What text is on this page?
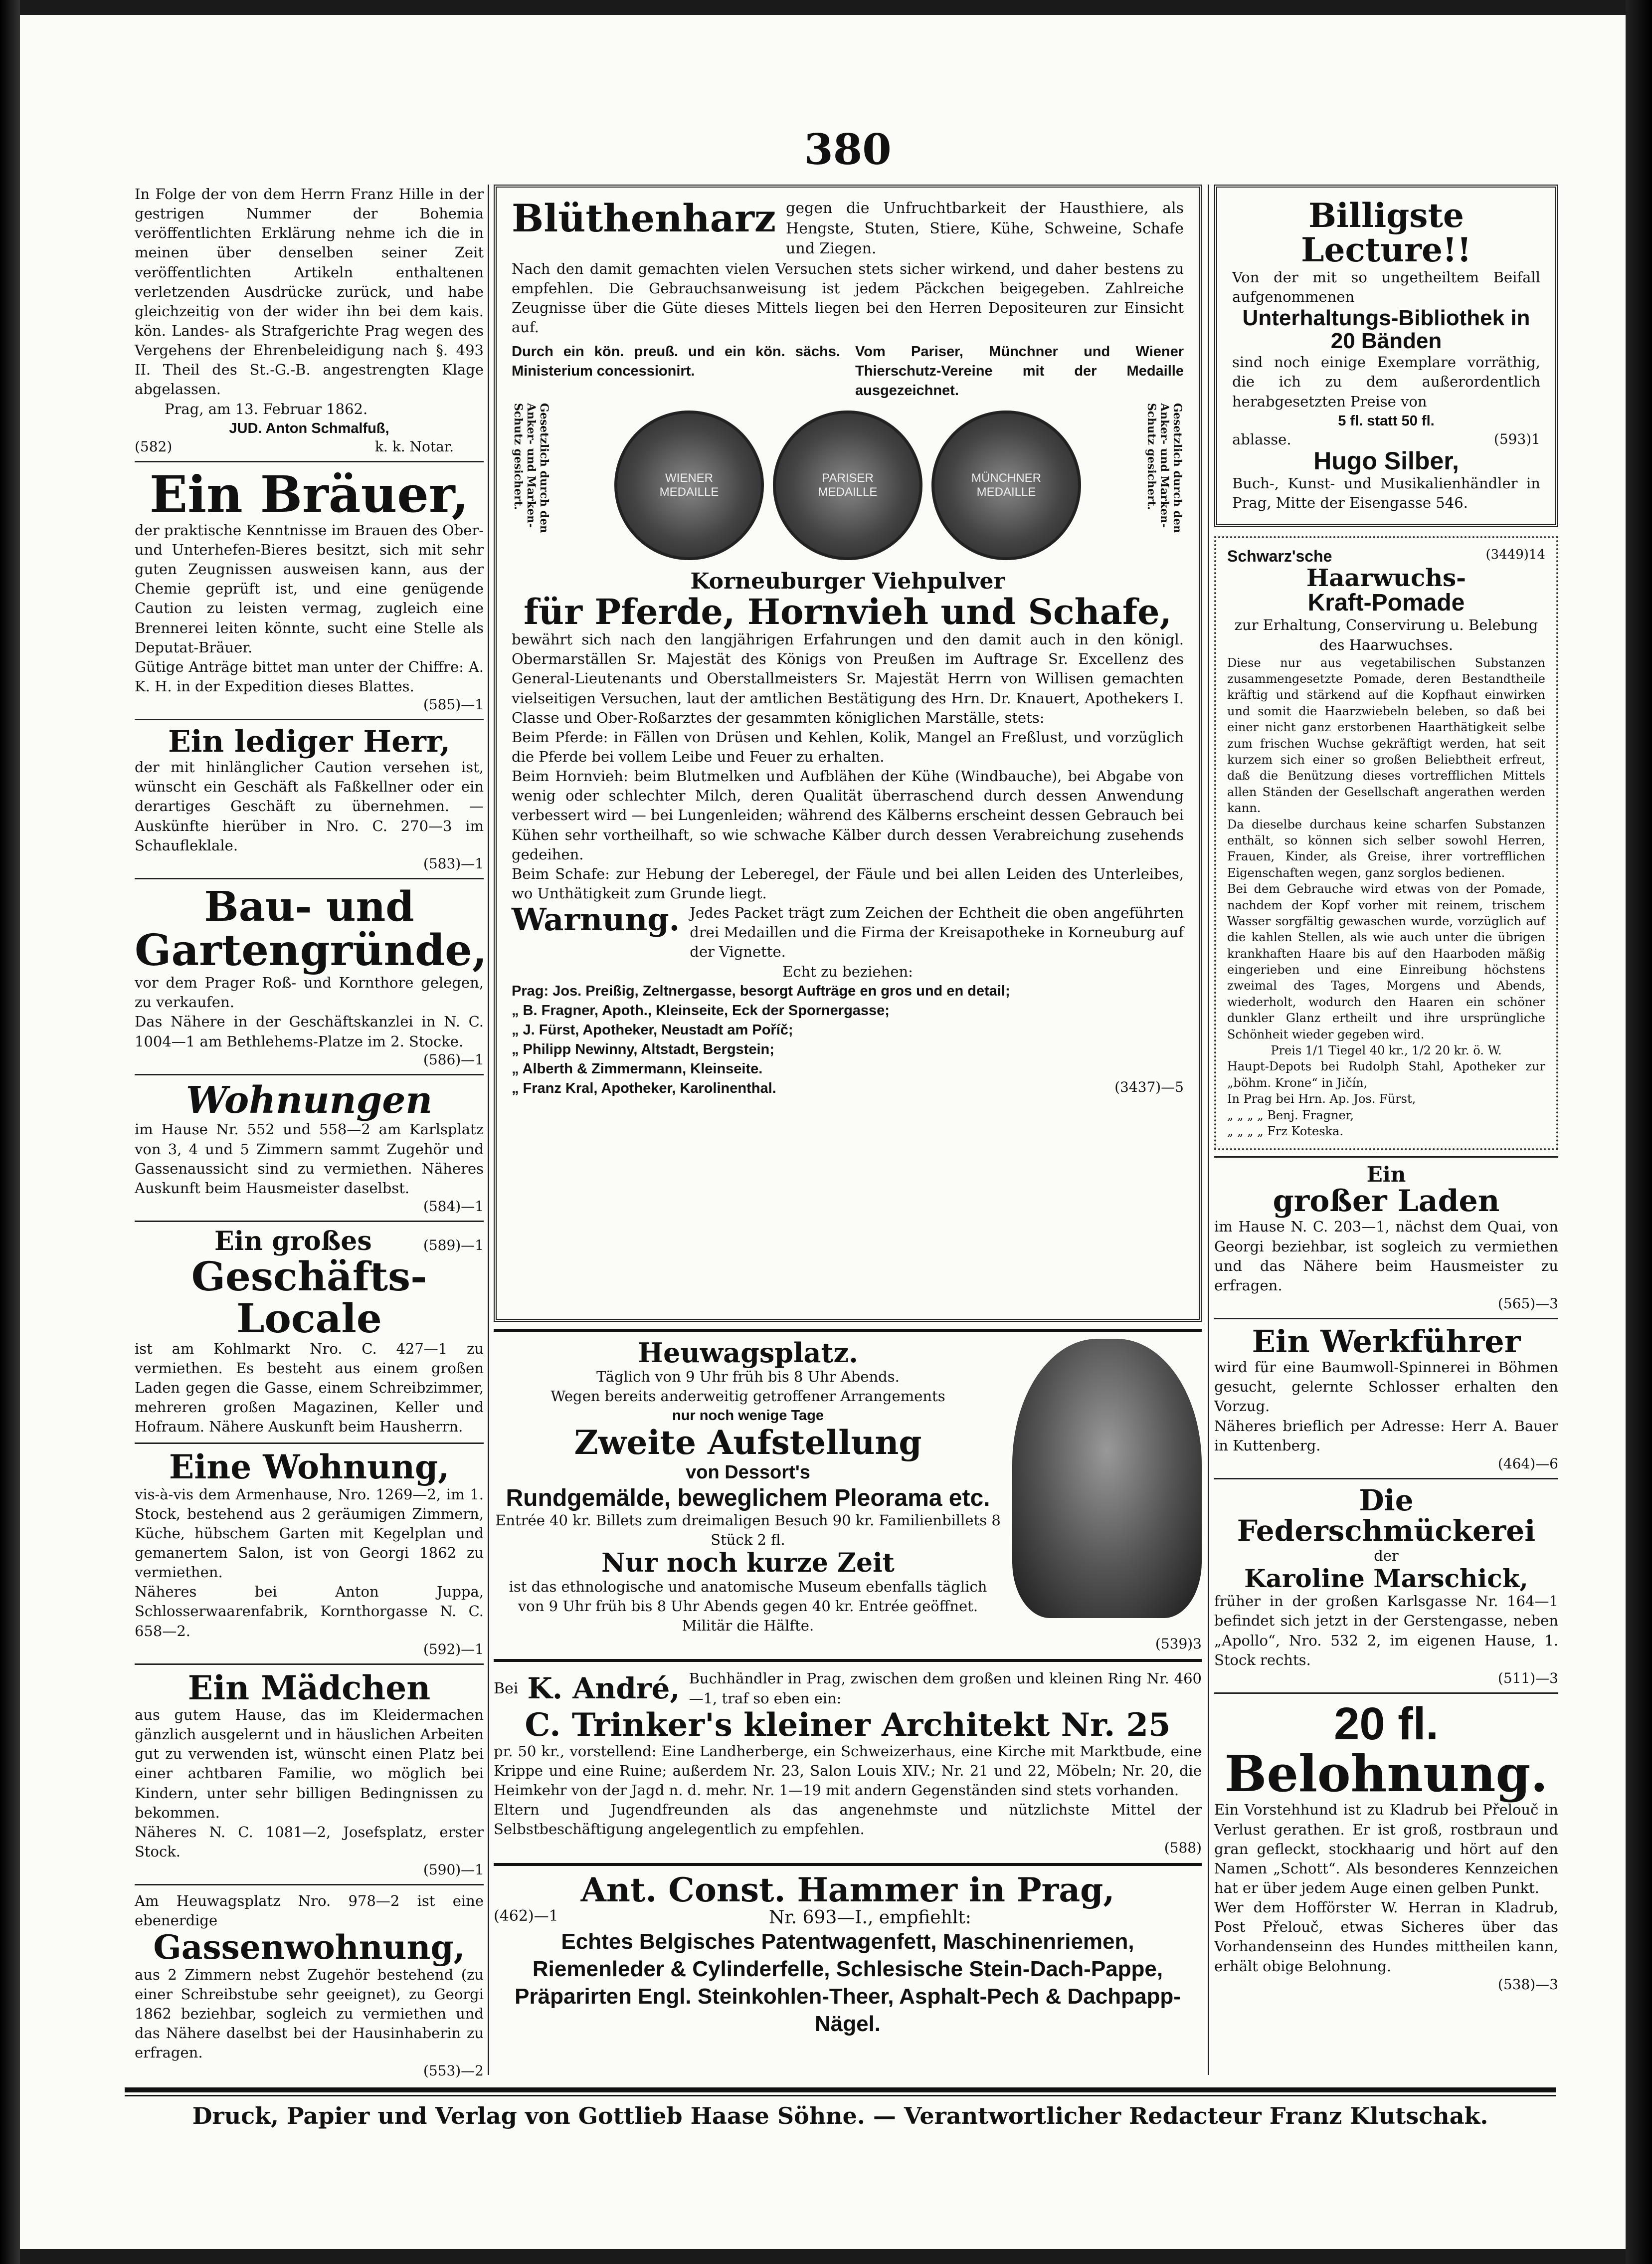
380

In Folge der von dem Herrn Franz Hille in der gestrigen Nummer der Bohemia veröffentlichten Erklärung nehme ich die in meinen über denselben seiner Zeit veröffentlichten Artikeln enthaltenen verletzenden Ausdrücke zurück, und habe gleichzeitig von der wider ihn bei dem kais. kön. Landes- als Strafgerichte Prag wegen des Vergehens der Ehrenbeleidigung nach §. 493 II. Theil des St.-G.-B. angestrengten Klage abgelassen.

Prag, am 13. Februar 1862.

JUD. Anton Schmalfuß,

(582)	k. k. Notar.
Ein Bräuer,

der praktische Kenntnisse im Brauen des Ober- und Unterhefen-Bieres besitzt, sich mit sehr guten Zeugnissen ausweisen kann, aus der Chemie geprüft ist, und eine genügende Caution zu leisten vermag, zugleich eine Brennerei leiten könnte, sucht eine Stelle als Deputat-Bräuer.

Gütige Anträge bittet man unter der Chiffre: A. K. H. in der Expedition dieses Blattes.

(585)—1
Ein lediger Herr,

der mit hinlänglicher Caution versehen ist, wünscht ein Geschäft als Faßkellner oder ein derartiges Geschäft zu übernehmen. — Auskünfte hierüber in Nro. C. 270—3 im Schaufleklale.

(583)—1
Bau- und
Gartengründe,

vor dem Prager Roß- und Kornthore gelegen, zu verkaufen.

Das Nähere in der Geschäftskanzlei in N. C. 1004—1 am Bethlehems-Platze im 2. Stocke.

(586)—1
Wohnungen

im Hause Nr. 552 und 558—2 am Karlsplatz von 3, 4 und 5 Zimmern sammt Zugehör und Gassenaussicht sind zu vermiethen. Näheres Auskunft beim Hausmeister daselbst.

(584)—1
Ein großes	(589)—1
Geschäfts-Locale

ist am Kohlmarkt Nro. C. 427—1 zu vermiethen. Es besteht aus einem großen Laden gegen die Gasse, einem Schreibzimmer, mehreren großen Magazinen, Keller und Hofraum. Nähere Auskunft beim Hausherrn.

Eine Wohnung,

vis-à-vis dem Armenhause, Nro. 1269—2, im 1. Stock, bestehend aus 2 geräumigen Zimmern, Küche, hübschem Garten mit Kegelplan und gemanertem Salon, ist von Georgi 1862 zu vermiethen.

Näheres bei Anton Juppa, Schlosserwaarenfabrik, Kornthorgasse N. C. 658—2.

(592)—1
Ein Mädchen

aus gutem Hause, das im Kleidermachen gänzlich ausgelernt und in häuslichen Arbeiten gut zu verwenden ist, wünscht einen Platz bei einer achtbaren Familie, wo möglich bei Kindern, unter sehr billigen Bedingnissen zu bekommen.

Näheres N. C. 1081—2, Josefsplatz, erster Stock.

(590)—1

Am Heuwagsplatz Nro. 978—2 ist eine ebenerdige

Gassenwohnung,

aus 2 Zimmern nebst Zugehör bestehend (zu einer Schreibstube sehr geeignet), zu Georgi 1862 beziehbar, sogleich zu vermiethen und das Nähere daselbst bei der Hausinhaberin zu erfragen.

(553)—2
Blüthenharz gegen die Unfruchtbarkeit der Hausthiere, als Hengste, Stuten, Stiere, Kühe, Schweine, Schafe und Ziegen.

Nach den damit gemachten vielen Versuchen stets sicher wirkend, und daher bestens zu empfehlen. Die Gebrauchsanweisung ist jedem Päckchen beigegeben. Zahlreiche Zeugnisse über die Güte dieses Mittels liegen bei den Herren Depositeuren zur Einsicht auf.

Durch ein kön. preuß. und ein kön. sächs. Ministerium concessionirt.

Vom Pariser, Münchner und Wiener Thierschutz-Vereine mit der Medaille ausgezeichnet.

Gesetzlich durch den Anker- und Marken-Schutz gesichert.	WIENER MEDAILLE
PARISER MEDAILLE
MÜNCHNER MEDAILLE	Gesetzlich durch den Anker- und Marken-Schutz gesichert.
Korneuburger Viehpulver
für Pferde, Hornvieh und Schafe,

bewährt sich nach den langjährigen Erfahrungen und den damit auch in den königl. Obermarställen Sr. Majestät des Königs von Preußen im Auftrage Sr. Excellenz des General-Lieutenants und Oberstallmeisters Sr. Majestät Herrn von Willisen gemachten vielseitigen Versuchen, laut der amtlichen Bestätigung des Hrn. Dr. Knauert, Apothekers I. Classe und Ober-Roßarztes der gesammten königlichen Marställe, stets:

Beim Pferde: in Fällen von Drüsen und Kehlen, Kolik, Mangel an Freßlust, und vorzüglich die Pferde bei vollem Leibe und Feuer zu erhalten.

Beim Hornvieh: beim Blutmelken und Aufblähen der Kühe (Windbauche), bei Abgabe von wenig oder schlechter Milch, deren Qualität überraschend durch dessen Anwendung verbessert wird — bei Lungenleiden; während des Kälberns erscheint dessen Gebrauch bei Kühen sehr vortheilhaft, so wie schwache Kälber durch dessen Verabreichung zusehends gedeihen.

Beim Schafe: zur Hebung der Leberegel, der Fäule und bei allen Leiden des Unterleibes, wo Unthätigkeit zum Grunde liegt.

Warnung. Jedes Packet trägt zum Zeichen der Echtheit die oben angeführten drei Medaillen und die Firma der Kreisapotheke in Korneuburg auf der Vignette.

Echt zu beziehen:

Prag: Jos. Preißig, Zeltnergasse, besorgt Aufträge en gros und en detail;

„ B. Fragner, Apoth., Kleinseite, Eck der Spornergasse;

„ J. Fürst, Apotheker, Neustadt am Poříč;

„ Philipp Newinny, Altstadt, Bergstein;

„ Alberth & Zimmermann, Kleinseite.

„ Franz Kral, Apotheker, Karolinenthal.	(3437)—5
Heuwagsplatz.

Täglich von 9 Uhr früh bis 8 Uhr Abends.

Wegen bereits anderweitig getroffener Arrangements

nur noch wenige Tage

Zweite Aufstellung

von Dessort's

Rundgemälde, beweglichem Pleorama etc.

Entrée 40 kr. Billets zum dreimaligen Besuch 90 kr. Familienbillets 8 Stück 2 fl.

Nur noch kurze Zeit

ist das ethnologische und anatomische Museum ebenfalls täglich von 9 Uhr früh bis 8 Uhr Abends gegen 40 kr. Entrée geöffnet. Militär die Hälfte.

(539)3
Bei K. André, Buchhändler in Prag, zwischen dem großen und kleinen Ring Nr. 460—1, traf so eben ein:

C. Trinker's kleiner Architekt Nr. 25

pr. 50 kr., vorstellend: Eine Landherberge, ein Schweizerhaus, eine Kirche mit Marktbude, eine Krippe und eine Ruine; außerdem Nr. 23, Salon Louis XIV.; Nr. 21 und 22, Möbeln; Nr. 20, die Heimkehr von der Jagd n. d. mehr. Nr. 1—19 mit andern Gegenständen sind stets vorhanden.

Eltern und Jugendfreunden als das angenehmste und nützlichste Mittel der Selbstbeschäftigung angelegentlich zu empfehlen.

(588)
Ant. Const. Hammer in Prag,
(462)—1	Nr. 693—I., empfiehlt:

Echtes Belgisches Patentwagenfett, Maschinenriemen, Riemenleder & Cylinderfelle, Schlesische Stein-Dach-Pappe, Präparirten Engl. Steinkohlen-Theer, Asphalt-Pech & Dachpapp-Nägel.

Billigste Lecture!!

Von der mit so ungetheiltem Beifall aufgenommenen

Unterhaltungs-Bibliothek in 20 Bänden

sind noch einige Exemplare vorräthig, die ich zu dem außerordentlich herabgesetzten Preise von

5 fl. statt 50 fl.

ablasse.	(593)1
Hugo Silber,

Buch-, Kunst- und Musikalienhändler in Prag, Mitte der Eisengasse 546.

Schwarz'sche	(3449)14
Haarwuchs-
Kraft-Pomade

zur Erhaltung, Conservirung u. Belebung des Haarwuchses.

Diese nur aus vegetabilischen Substanzen zusammengesetzte Pomade, deren Bestandtheile kräftig und stärkend auf die Kopfhaut einwirken und somit die Haarzwiebeln beleben, so daß bei einer nicht ganz erstorbenen Haarthätigkeit selbe zum frischen Wuchse gekräftigt werden, hat seit kurzem sich einer so großen Beliebtheit erfreut, daß die Benützung dieses vortrefflichen Mittels allen Ständen der Gesellschaft angerathen werden kann.

Da dieselbe durchaus keine scharfen Substanzen enthält, so können sich selber sowohl Herren, Frauen, Kinder, als Greise, ihrer vortrefflichen Eigenschaften wegen, ganz sorglos bedienen.

Bei dem Gebrauche wird etwas von der Pomade, nachdem der Kopf vorher mit reinem, trischem Wasser sorgfältig gewaschen wurde, vorzüglich auf die kahlen Stellen, als wie auch unter die übrigen krankhaften Haare bis auf den Haarboden mäßig eingerieben und eine Einreibung höchstens zweimal des Tages, Morgens und Abends, wiederholt, wodurch den Haaren ein schöner dunkler Glanz ertheilt und ihre ursprüngliche Schönheit wieder gegeben wird.

Preis 1/1 Tiegel 40 kr., 1/2 20 kr. ö. W.

Haupt-Depots bei Rudolph Stahl, Apotheker zur „böhm. Krone“ in Jičín,

In Prag bei Hrn. Ap. Jos. Fürst,

„ „ „ „ Benj. Fragner,

„ „ „ „ Frz Koteska.

Ein
großer Laden

im Hause N. C. 203—1, nächst dem Quai, von Georgi beziehbar, ist sogleich zu vermiethen und das Nähere beim Hausmeister zu erfragen.

(565)—3
Ein Werkführer

wird für eine Baumwoll-Spinnerei in Böhmen gesucht, gelernte Schlosser erhalten den Vorzug.

Näheres brieflich per Adresse: Herr A. Bauer in Kuttenberg.

(464)—6
Die Federschmückerei

der

Karoline Marschick,

früher in der großen Karlsgasse Nr. 164—1 befindet sich jetzt in der Gerstengasse, neben „Apollo“, Nro. 532 2, im eigenen Hause, 1. Stock rechts.

(511)—3
20 fl.
Belohnung.

Ein Vorstehhund ist zu Kladrub bei Přelouč in Verlust gerathen. Er ist groß, rostbraun und gran gefleckt, stockhaarig und hört auf den Namen „Schott“. Als besonderes Kennzeichen hat er über jedem Auge einen gelben Punkt.

Wer dem Hofförster W. Herran in Kladrub, Post Přelouč, etwas Sicheres über das Vorhandenseinn des Hundes mittheilen kann, erhält obige Belohnung.

(538)—3
Druck, Papier und Verlag von Gottlieb Haase Söhne. — Verantwortlicher Redacteur Franz Klutschak.
